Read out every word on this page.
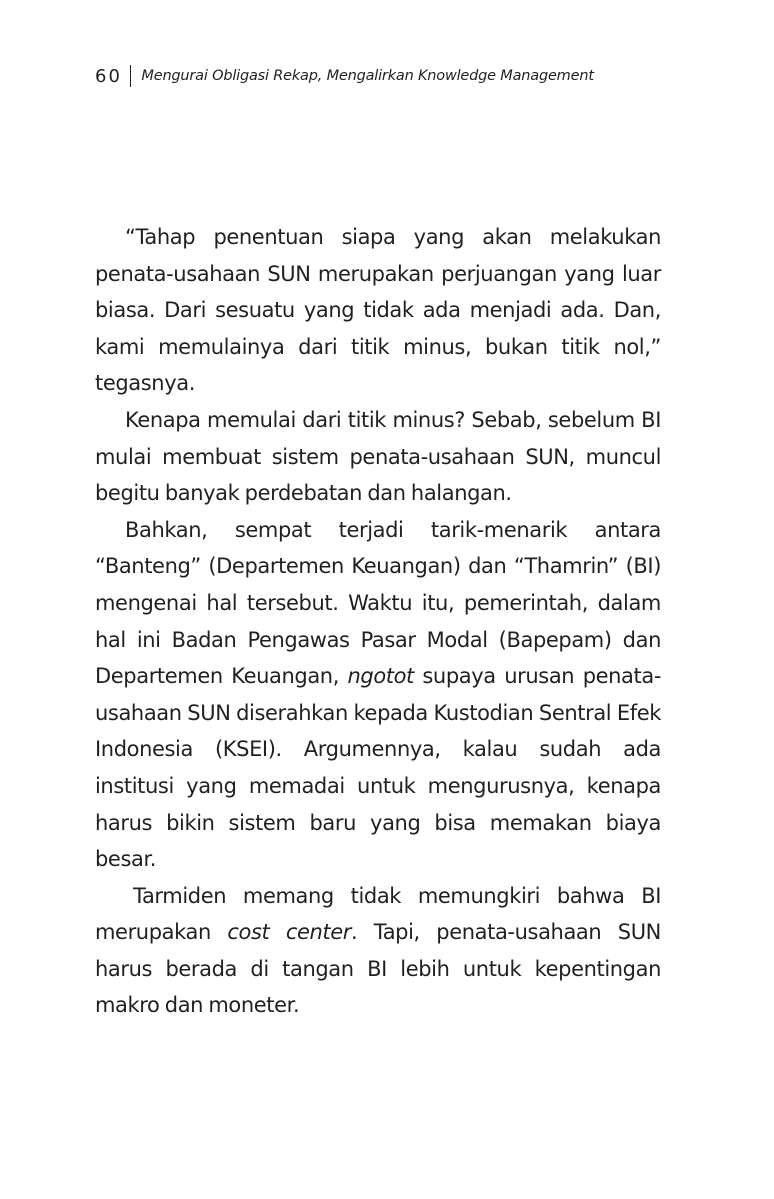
60 Mengurai Obligasi Rekap, Mengalirkan Knowledge Management

“Tahap penentuan siapa yang akan melakukan penata-usahaan SUN merupakan perjuangan yang luar biasa. Dari sesuatu yang tidak ada menjadi ada. Dan, kami memulainya dari titik minus, bukan titik nol,” tegasnya.

Kenapa memulai dari titik minus? Sebab, sebelum BI mulai membuat sistem penata-usahaan SUN, muncul begitu banyak perdebatan dan halangan.

Bahkan, sempat terjadi tarik-menarik antara “Banteng” (Departemen Keuangan) dan “Thamrin” (BI) mengenai hal tersebut. Waktu itu, pemerintah, dalam hal ini Badan Pengawas Pasar Modal (Bapepam) dan Departemen Keuangan, ngotot supaya urusan penata-usahaan SUN diserahkan kepada Kustodian Sentral Efek Indonesia (KSEI). Argumennya, kalau sudah ada institusi yang memadai untuk mengurusnya, kenapa harus bikin sistem baru yang bisa memakan biaya besar.

Tarmiden memang tidak memungkiri bahwa BI merupakan cost center. Tapi, penata-usahaan SUN harus berada di tangan BI lebih untuk kepentingan makro dan moneter.
